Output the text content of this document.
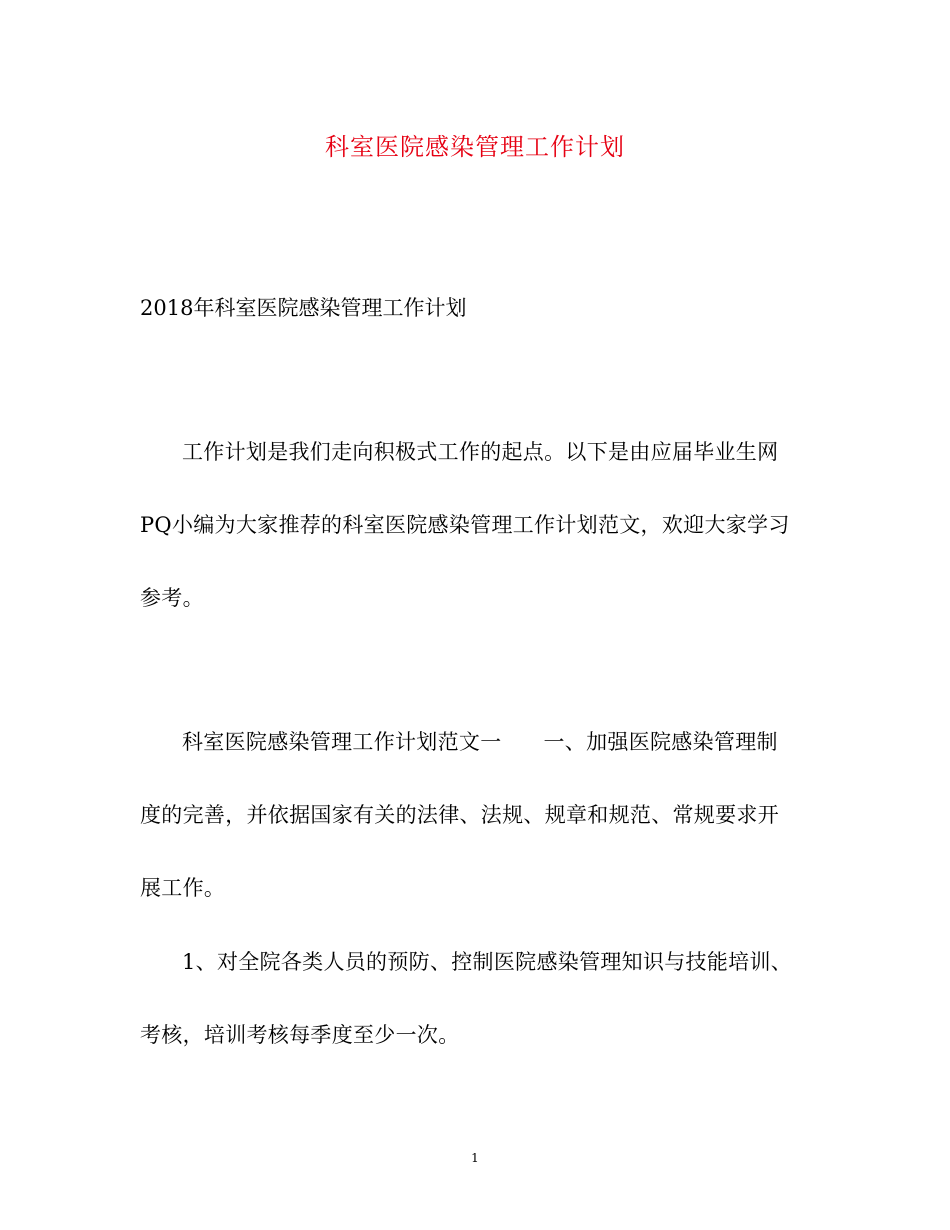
科室医院感染管理工作计划

2018年科室医院感染管理工作计划

工作计划是我们走向积极式工作的起点。以下是由应届毕业生网
PQ小编为大家推荐的科室医院感染管理工作计划范文，欢迎大家学习
参考。
科室医院感染管理工作计划范文一 一、加强医院感染管理制
度的完善，并依据国家有关的法律、法规、规章和规范、常规要求开
展工作。
1、对全院各类人员的预防、控制医院感染管理知识与技能培训、
考核，培训考核每季度至少一次。

1
